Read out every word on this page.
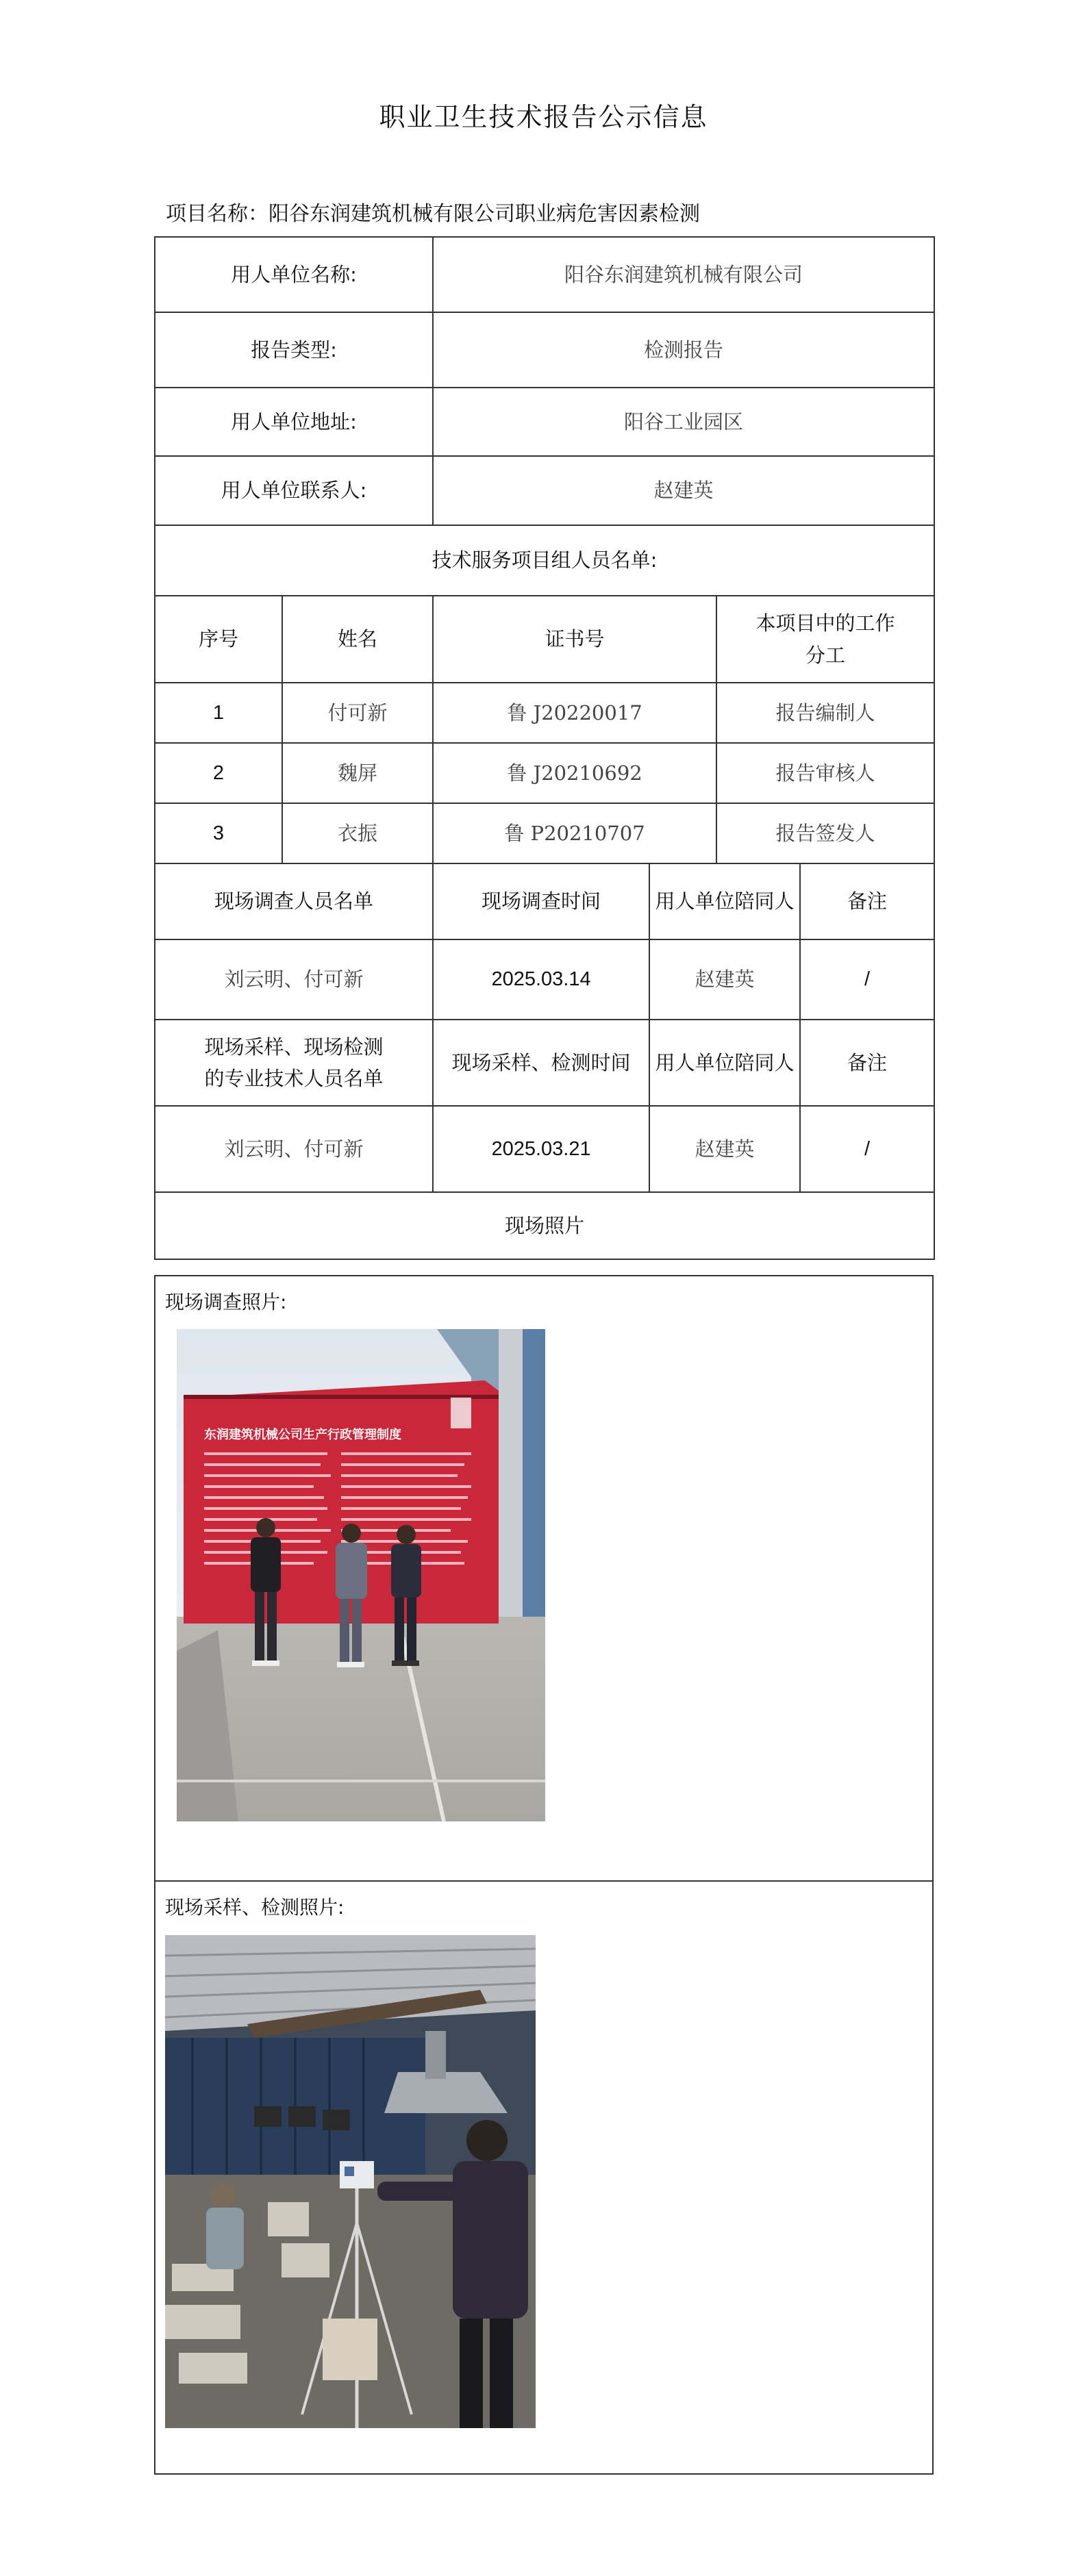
职业卫生技术报告公示信息
项目名称：阳谷东润建筑机械有限公司职业病危害因素检测
用人单位名称:		阳谷东润建筑机械有限公司			
报告类型:		检测报告			
用人单位地址:		阳谷工业园区			
用人单位联系人:		赵建英			
技术服务项目组人员名单:					
序号	姓名	证书号		本项目中的工作
分工	

1	付可新	鲁 J20220017		报告编制人	
2	魏屏	鲁 J20210692		报告审核人	
3	衣振	鲁 P20210707		报告签发人	
现场调查人员名单		现场调查时间	用人单位陪同人		备注
刘云明、付可新		2025.03.14	赵建英		/

现场采样、现场检测
的专业技术人员名单		现场采样、检测时间	用人单位陪同人		备注
刘云明、付可新		2025.03.21	赵建英		/
现场照片					
现场调查照片:
东润建筑机械公司生产行政管理制度
现场采样、检测照片:
